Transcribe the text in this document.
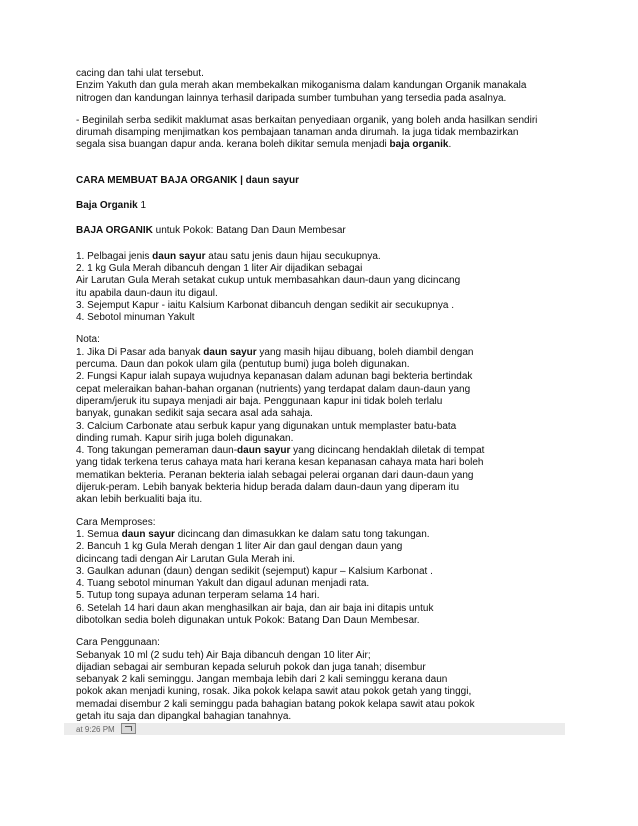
cacing dan tahi ulat tersebut.
Enzim Yakuth dan gula merah akan membekalkan mikoganisma dalam kandungan Organik manakala
nitrogen dan kandungan lainnya terhasil daripada sumber tumbuhan yang tersedia pada asalnya.
- Beginilah serba sedikit maklumat asas berkaitan penyediaan organik, yang boleh anda hasilkan sendiri
dirumah disamping menjimatkan kos pembajaan tanaman anda dirumah. Ia juga tidak membazirkan
segala sisa buangan dapur anda. kerana boleh dikitar semula menjadi baja organik.
CARA MEMBUAT BAJA ORGANIK | daun sayur
Baja Organik 1
BAJA ORGANIK untuk Pokok: Batang Dan Daun Membesar
1. Pelbagai jenis daun sayur atau satu jenis daun hijau secukupnya.
2. 1 kg Gula Merah dibancuh dengan 1 liter Air dijadikan sebagai
Air Larutan Gula Merah setakat cukup untuk membasahkan daun-daun yang dicincang
itu apabila daun-daun itu digaul.
3. Sejemput Kapur - iaitu Kalsium Karbonat dibancuh dengan sedikit air secukupnya .
4. Sebotol minuman Yakult
Nota:
1. Jika Di Pasar ada banyak daun sayur yang masih hijau dibuang, boleh diambil dengan
percuma. Daun dan pokok ulam gila (pentutup bumi) juga boleh digunakan.
2. Fungsi Kapur ialah supaya wujudnya kepanasan dalam adunan bagi bekteria bertindak
cepat meleraikan bahan-bahan organan (nutrients) yang terdapat dalam daun-daun yang
diperam/jeruk itu supaya menjadi air baja. Penggunaan kapur ini tidak boleh terlalu
banyak, gunakan sedikit saja secara asal ada sahaja.
3. Calcium Carbonate atau serbuk kapur yang digunakan untuk memplaster batu-bata
dinding rumah. Kapur sirih juga boleh digunakan.
4. Tong takungan pemeraman daun-daun sayur yang dicincang hendaklah diletak di tempat
yang tidak terkena terus cahaya mata hari kerana kesan kepanasan cahaya mata hari boleh
mematikan bekteria. Peranan bekteria ialah sebagai pelerai organan dari daun-daun yang
dijeruk-peram. Lebih banyak bekteria hidup berada dalam daun-daun yang diperam itu
akan lebih berkualiti baja itu.
Cara Memproses:
1. Semua daun sayur dicincang dan dimasukkan ke dalam satu tong takungan.
2. Bancuh 1 kg Gula Merah dengan 1 liter Air dan gaul dengan daun yang
dicincang tadi dengan Air Larutan Gula Merah ini.
3. Gaulkan adunan (daun) dengan sedikit (sejemput) kapur – Kalsium Karbonat .
4. Tuang sebotol minuman Yakult dan digaul adunan menjadi rata.
5. Tutup tong supaya adunan terperam selama 14 hari.
6. Setelah 14 hari daun akan menghasilkan air baja, dan air baja ini ditapis untuk
dibotolkan sedia boleh digunakan untuk Pokok: Batang Dan Daun Membesar.
Cara Penggunaan:
Sebanyak 10 ml (2 sudu teh) Air Baja dibancuh dengan 10 liter Air;
dijadian sebagai air semburan kepada seluruh pokok dan juga tanah; disembur
sebanyak 2 kali seminggu. Jangan membaja lebih dari 2 kali seminggu kerana daun
pokok akan menjadi kuning, rosak. Jika pokok kelapa sawit atau pokok getah yang tinggi,
memadai disembur 2 kali seminggu pada bahagian batang pokok kelapa sawit atau pokok
getah itu saja dan dipangkal bahagian tanahnya.
at 9:26 PM
